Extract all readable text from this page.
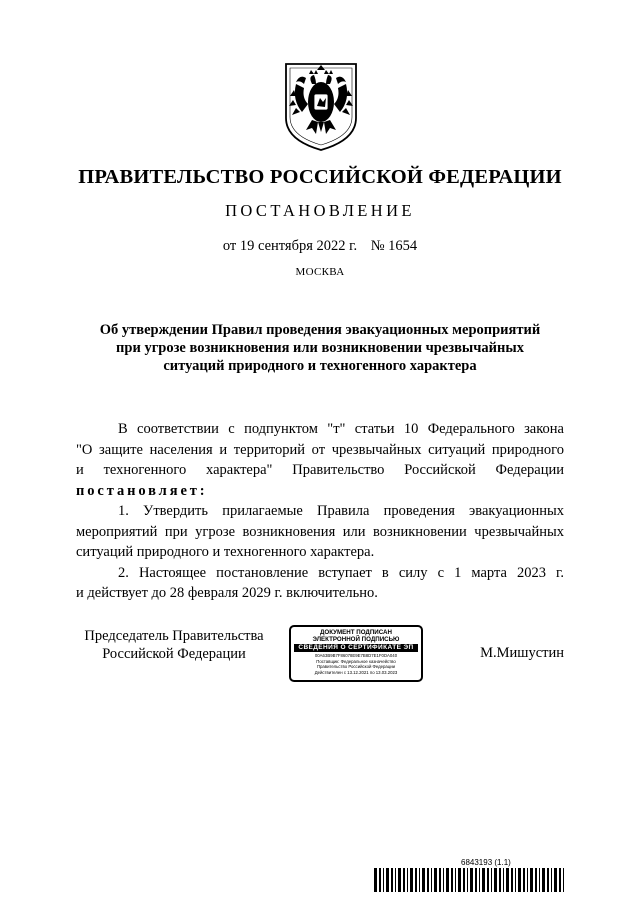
ПРАВИТЕЛЬСТВО РОССИЙСКОЙ ФЕДЕРАЦИИ
ПОСТАНОВЛЕНИЕ
от 19 сентября 2022 г. № 1654
МОСКВА
Об утверждении Правил проведения эвакуационных мероприятий
при угрозе возникновения или возникновении чрезвычайных
ситуаций природного и техногенного характера

В соответствии с подпунктом "т" статьи 10 Федерального закона

"О защите населения и территорий от чрезвычайных ситуаций природного
и техногенного характера" Правительство Российской Федерации
постановляет:

1. Утвердить прилагаемые Правила проведения эвакуационных

мероприятий при угрозе возникновения или возникновении чрезвычайных
ситуаций природного и техногенного характера.

2. Настоящее постановление вступает в силу с 1 марта 2023 г.

и действует до 28 февраля 2029 г. включительно.

Председатель Правительства
Российской Федерации
ДОКУМЕНТ ПОДПИСАН
ЭЛЕКТРОННОЙ ПОДПИСЬЮ
СВЕДЕНИЯ О СЕРТИФИКАТЕ ЭП
00A63B9B7F86078E9E7B8D7E1F0DA040
Поставщик: Федеральное казначейство
Правительство Российской Федерации
Действителен с 13.12.2021 по 13.03.2023
М.Мишустин
6843193 (1.1)
